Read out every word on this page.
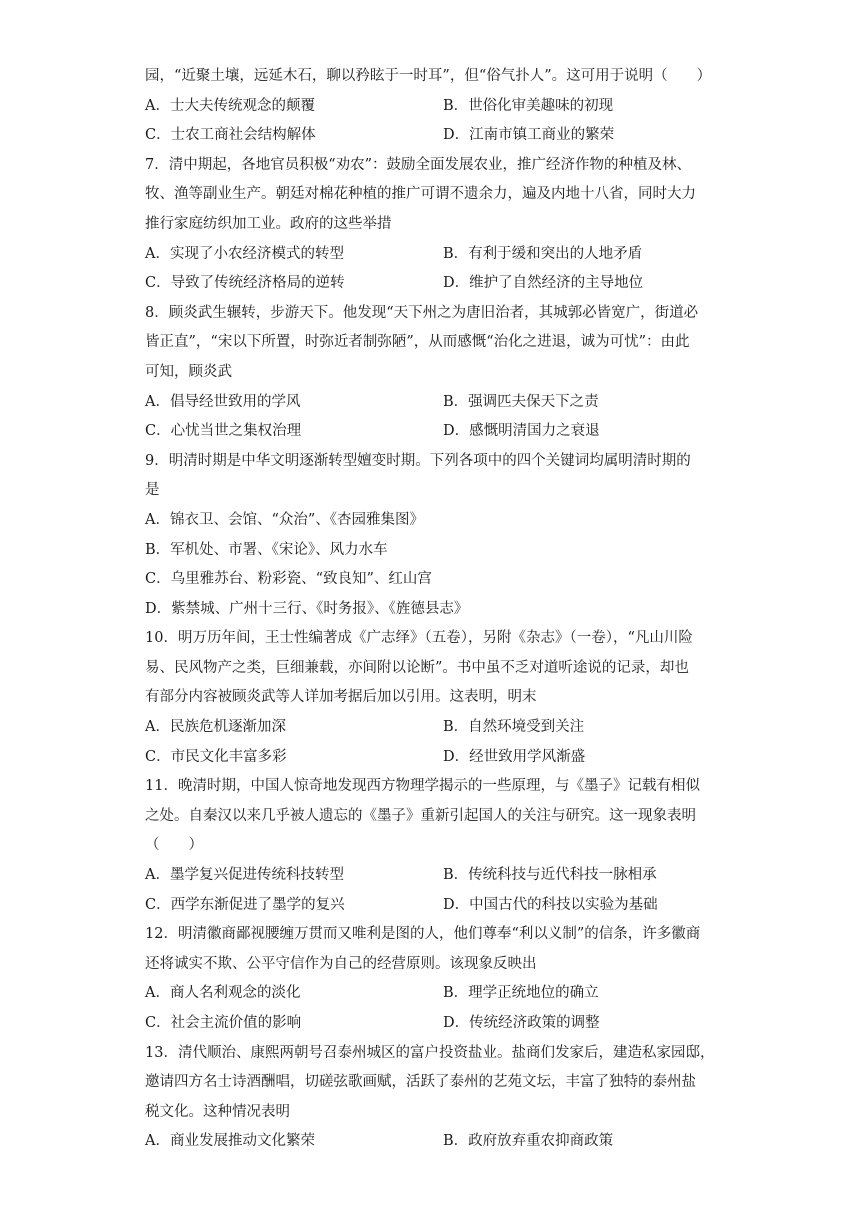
园，“近聚土壤，远延木石，聊以矜眩于一时耳”，但“俗气扑人”。这可用于说明（　　）
A．士大夫传统观念的颠覆	B．世俗化审美趣味的初现
C．士农工商社会结构解体	D．江南市镇工商业的繁荣
7．清中期起，各地官员积极“劝农”：鼓励全面发展农业，推广经济作物的种植及林、
牧、渔等副业生产。朝廷对棉花种植的推广可谓不遗余力，遍及内地十八省，同时大力
推行家庭纺织加工业。政府的这些举措
A．实现了小农经济模式的转型	B．有利于缓和突出的人地矛盾
C．导致了传统经济格局的逆转	D．维护了自然经济的主导地位
8．顾炎武生辗转，步游天下。他发现“天下州之为唐旧治者，其城郭必皆宽广，街道必
皆正直”，“宋以下所置，时弥近者制弥陋”，从而感慨“治化之进退，诚为可忧”：由此
可知，顾炎武
A．倡导经世致用的学风	B．强调匹夫保天下之责
C．心忧当世之集权治理	D．感慨明清国力之衰退
9．明清时期是中华文明逐渐转型嬗变时期。下列各项中的四个关键词均属明清时期的
是
A．锦衣卫、会馆、“众治”、《杏园雅集图》
B．军机处、市署、《宋论》、风力水车
C．乌里雅苏台、粉彩瓷、“致良知”、红山宫
D．紫禁城、广州十三行、《时务报》、《旌德县志》
10．明万历年间，王士性编著成《广志绎》（五卷），另附《杂志》（一卷），“凡山川险
易、民风物产之类，巨细兼载，亦间附以论断”。书中虽不乏对道听途说的记录，却也
有部分内容被顾炎武等人详加考据后加以引用。这表明，明末
A．民族危机逐渐加深	B．自然环境受到关注
C．市民文化丰富多彩	D．经世致用学风渐盛
11．晚清时期，中国人惊奇地发现西方物理学揭示的一些原理，与《墨子》记载有相似
之处。自秦汉以来几乎被人遗忘的《墨子》重新引起国人的关注与研究。这一现象表明
（　　）
A．墨学复兴促进传统科技转型	B．传统科技与近代科技一脉相承
C．西学东渐促进了墨学的复兴	D．中国古代的科技以实验为基础
12．明清徽商鄙视腰缠万贯而又唯利是图的人，他们尊奉“利以义制”的信条，许多徽商
还将诚实不欺、公平守信作为自己的经营原则。该现象反映出
A．商人名利观念的淡化	B．理学正统地位的确立
C．社会主流价值的影响	D．传统经济政策的调整
13．清代顺治、康熙两朝号召泰州城区的富户投资盐业。盐商们发家后，建造私家园邸，
邀请四方名士诗酒酬唱，切磋弦歌画赋，活跃了泰州的艺苑文坛，丰富了独特的泰州盐
税文化。这种情况表明
A．商业发展推动文化繁荣	B．政府放弃重农抑商政策
